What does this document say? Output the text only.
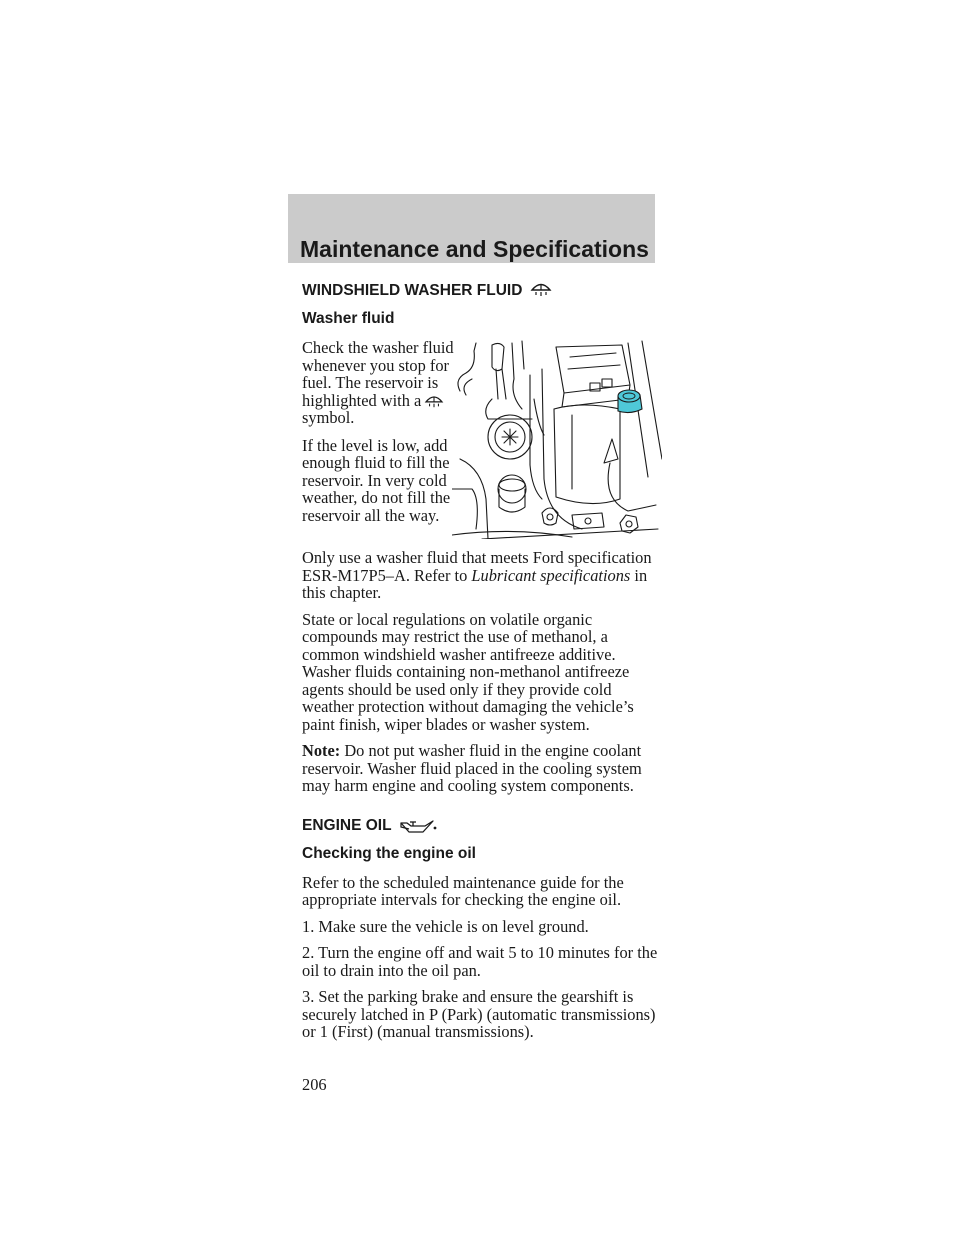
Maintenance and Specifications
WINDSHIELD WASHER FLUID
Washer fluid

Check the washer fluid
whenever you stop for
fuel. The reservoir is
highlighted with a
symbol.

If the level is low, add
enough fluid to fill the
reservoir. In very cold
weather, do not fill the
reservoir all the way.

Only use a washer fluid that meets Ford specification ESR-M17P5–A. Refer to Lubricant specifications in this chapter.

State or local regulations on volatile organic compounds may restrict the use of methanol, a common windshield washer antifreeze additive. Washer fluids containing non-methanol antifreeze agents should be used only if they provide cold weather protection without damaging the vehicle’s paint finish, wiper blades or washer system.

Note: Do not put washer fluid in the engine coolant reservoir. Washer fluid placed in the cooling system may harm engine and cooling system components.

ENGINE OIL
Checking the engine oil

Refer to the scheduled maintenance guide for the appropriate intervals for checking the engine oil.

1. Make sure the vehicle is on level ground.

2. Turn the engine off and wait 5 to 10 minutes for the oil to drain into the oil pan.

3. Set the parking brake and ensure the gearshift is securely latched in P (Park) (automatic transmissions) or 1 (First) (manual transmissions).

206
